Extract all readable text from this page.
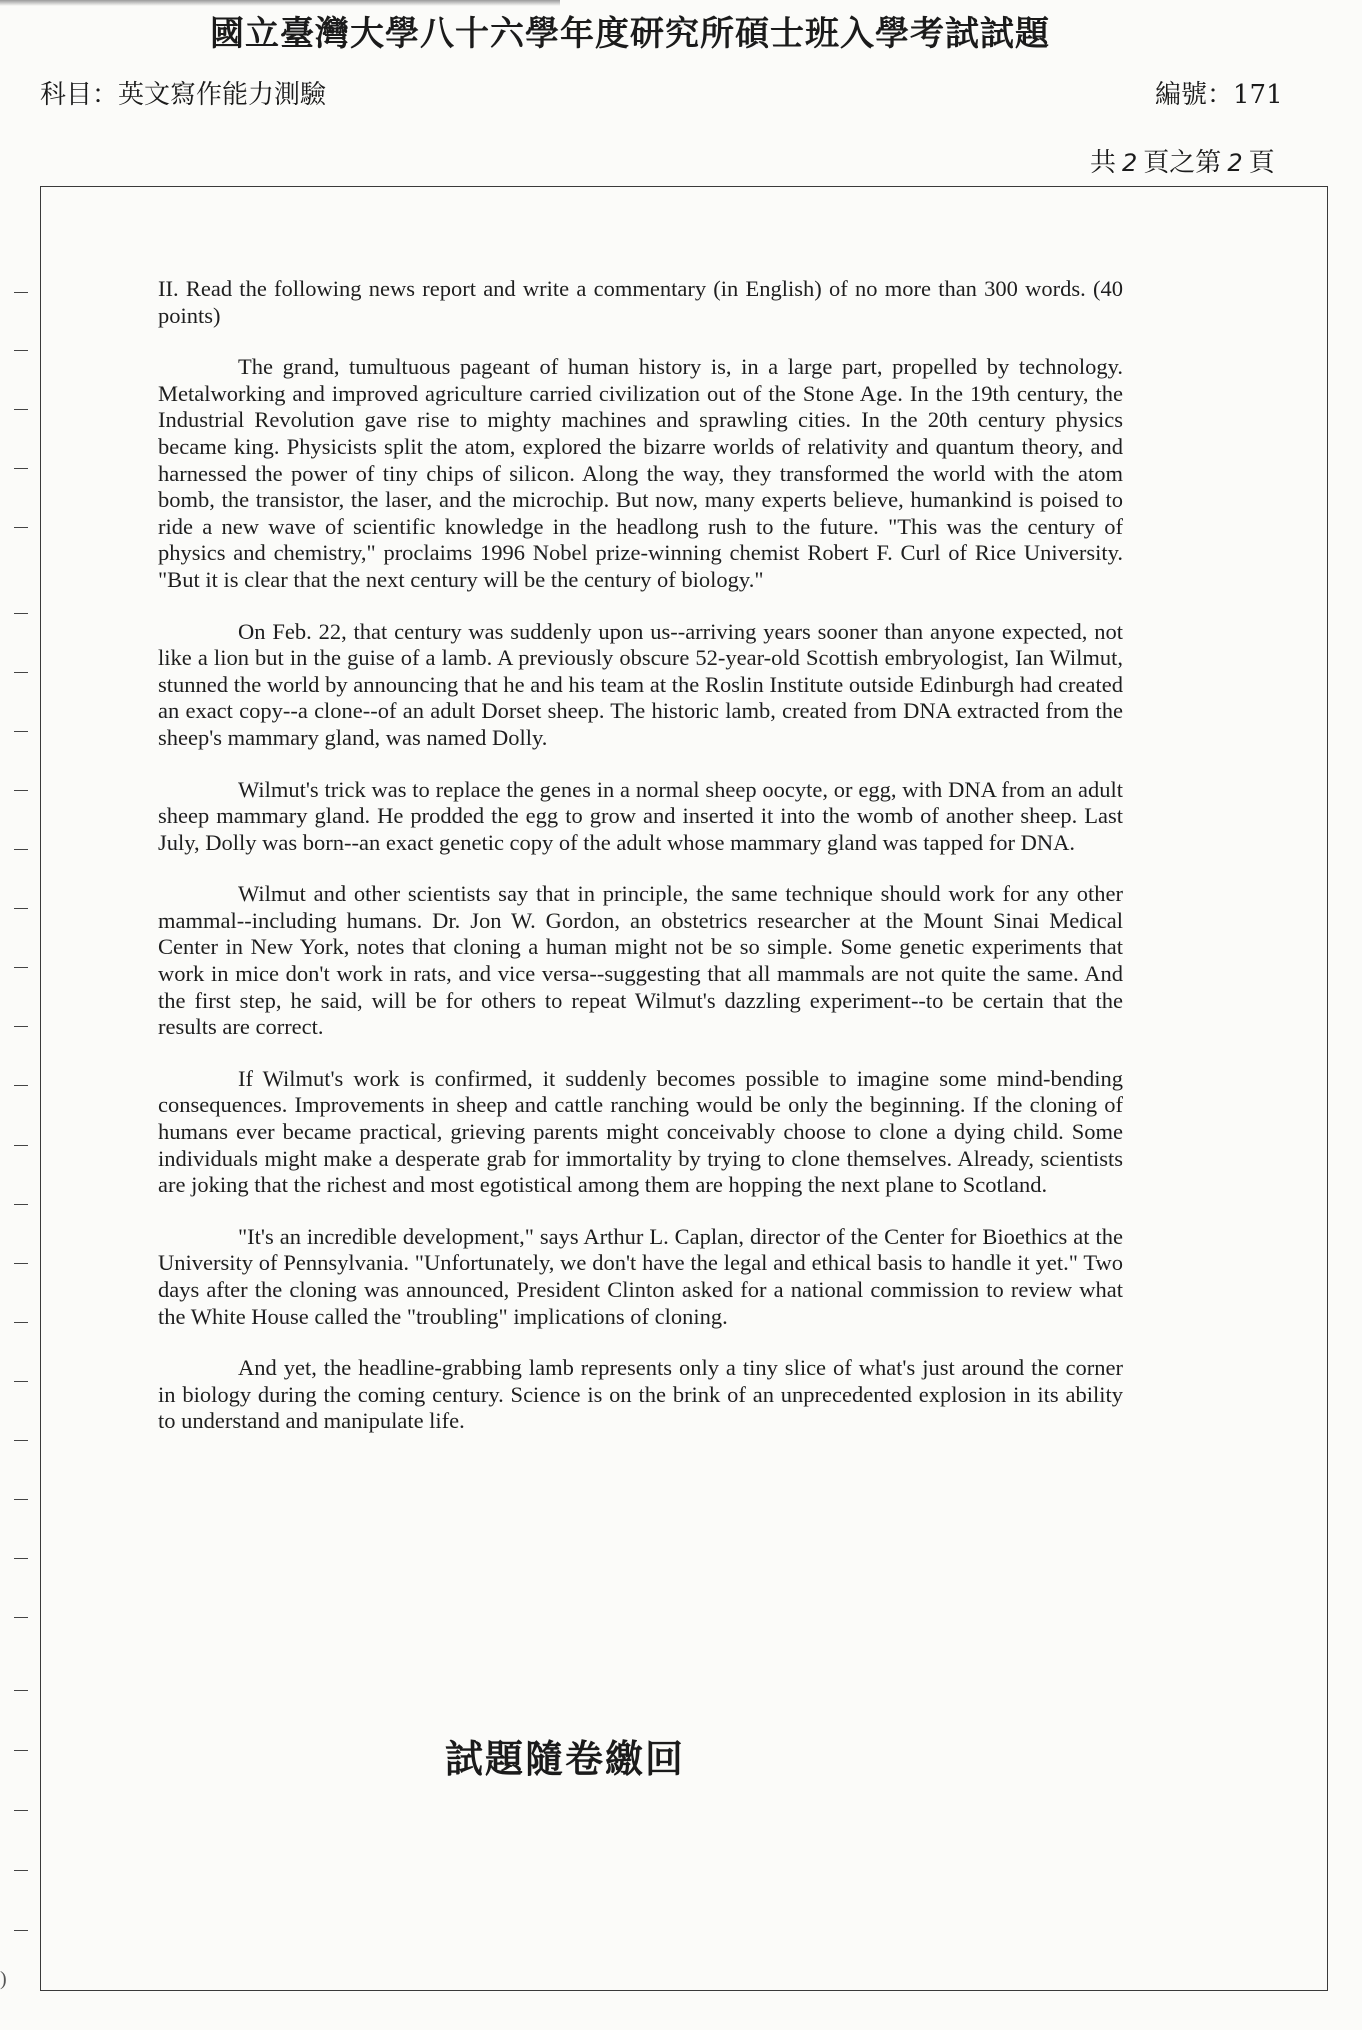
國立臺灣大學八十六學年度研究所碩士班入學考試試題
科目：英文寫作能力測驗	編號：171
共 2 頁之第 2 頁

II. Read the following news report and write a commentary (in English) of no more than 300 words. (40 points)

The grand, tumultuous pageant of human history is, in a large part, propelled by technology. Metalworking and improved agriculture carried civilization out of the Stone Age. In the 19th century, the Industrial Revolution gave rise to mighty machines and sprawling cities. In the 20th century physics became king. Physicists split the atom, explored the bizarre worlds of relativity and quantum theory, and harnessed the power of tiny chips of silicon. Along the way, they transformed the world with the atom bomb, the transistor, the laser, and the microchip. But now, many experts believe, humankind is poised to ride a new wave of scientific knowledge in the headlong rush to the future. "This was the century of physics and chemistry," proclaims 1996 Nobel prize-winning chemist Robert F. Curl of Rice University. "But it is clear that the next century will be the century of biology."

On Feb. 22, that century was suddenly upon us--arriving years sooner than anyone expected, not like a lion but in the guise of a lamb. A previously obscure 52-year-old Scottish embryologist, Ian Wilmut, stunned the world by announcing that he and his team at the Roslin Institute outside Edinburgh had created an exact copy--a clone--of an adult Dorset sheep. The historic lamb, created from DNA extracted from the sheep's mammary gland, was named Dolly.

Wilmut's trick was to replace the genes in a normal sheep oocyte, or egg, with DNA from an adult sheep mammary gland. He prodded the egg to grow and inserted it into the womb of another sheep. Last July, Dolly was born--an exact genetic copy of the adult whose mammary gland was tapped for DNA.

Wilmut and other scientists say that in principle, the same technique should work for any other mammal--including humans. Dr. Jon W. Gordon, an obstetrics researcher at the Mount Sinai Medical Center in New York, notes that cloning a human might not be so simple. Some genetic experiments that work in mice don't work in rats, and vice versa--suggesting that all mammals are not quite the same. And the first step, he said, will be for others to repeat Wilmut's dazzling experiment--to be certain that the results are correct.

If Wilmut's work is confirmed, it suddenly becomes possible to imagine some mind-bending consequences. Improvements in sheep and cattle ranching would be only the beginning. If the cloning of humans ever became practical, grieving parents might conceivably choose to clone a dying child. Some individuals might make a desperate grab for immortality by trying to clone themselves. Already, scientists are joking that the richest and most egotistical among them are hopping the next plane to Scotland.

"It's an incredible development," says Arthur L. Caplan, director of the Center for Bioethics at the University of Pennsylvania. "Unfortunately, we don't have the legal and ethical basis to handle it yet." Two days after the cloning was announced, President Clinton asked for a national commission to review what the White House called the "troubling" implications of cloning.

And yet, the headline-grabbing lamb represents only a tiny slice of what's just around the corner in biology during the coming century. Science is on the brink of an unprecedented explosion in its ability to understand and manipulate life.

試題隨卷繳回
)
